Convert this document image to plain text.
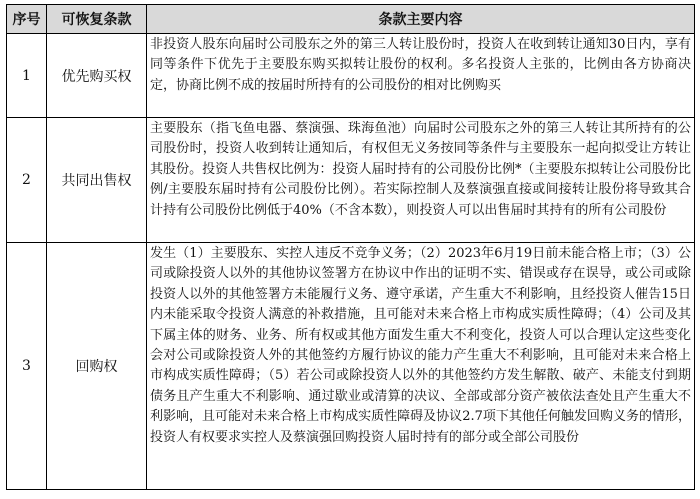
序号	可恢复条款	条款主要内容
1	优先购买权	非投资人股东向届时公司股东之外的第三人转让股份时，投资人在收到转让通知30日内，享有同等条件下优先于主要股东购买拟转让股份的权利。多名投资人主张的，比例由各方协商决定，协商比例不成的按届时所持有的公司股份的相对比例购买
2	共同出售权	主要股东（指飞鱼电器、蔡演强、珠海鱼池）向届时公司股东之外的第三人转让其所持有的公司股份时，投资人收到转让通知后，有权但无义务按同等条件与主要股东一起向拟受让方转让其股份。投资人共售权比例为：投资人届时持有的公司股份比例*（主要股东拟转让公司股份比例/主要股东届时持有公司股份比例）。若实际控制人及蔡演强直接或间接转让股份将导致其合计持有公司股份比例低于40%（不含本数），则投资人可以出售届时其持有的所有公司股份
3	回购权	发生（1）主要股东、实控人违反不竞争义务；（2）2023年6月19日前未能合格上市；（3）公司或除投资人以外的其他协议签署方在协议中作出的证明不实、错误或存在误导，或公司或除投资人以外的其他签署方未能履行义务、遵守承诺，产生重大不利影响，且经投资人催告15日内未能采取令投资人满意的补救措施，且可能对未来合格上市构成实质性障碍；（4）公司及其下属主体的财务、业务、所有权或其他方面发生重大不利变化，投资人可以合理认定这些变化会对公司或除投资人外的其他签约方履行协议的能力产生重大不利影响，且可能对未来合格上市构成实质性障碍；（5）若公司或除投资人以外的其他签约方发生解散、破产、未能支付到期债务且产生重大不利影响、通过歇业或清算的决议、全部或部分资产被依法查处且产生重大不利影响，且可能对未来合格上市构成实质性障碍及协议2.7项下其他任何触发回购义务的情形，投资人有权要求实控人及蔡演强回购投资人届时持有的部分或全部公司股份
